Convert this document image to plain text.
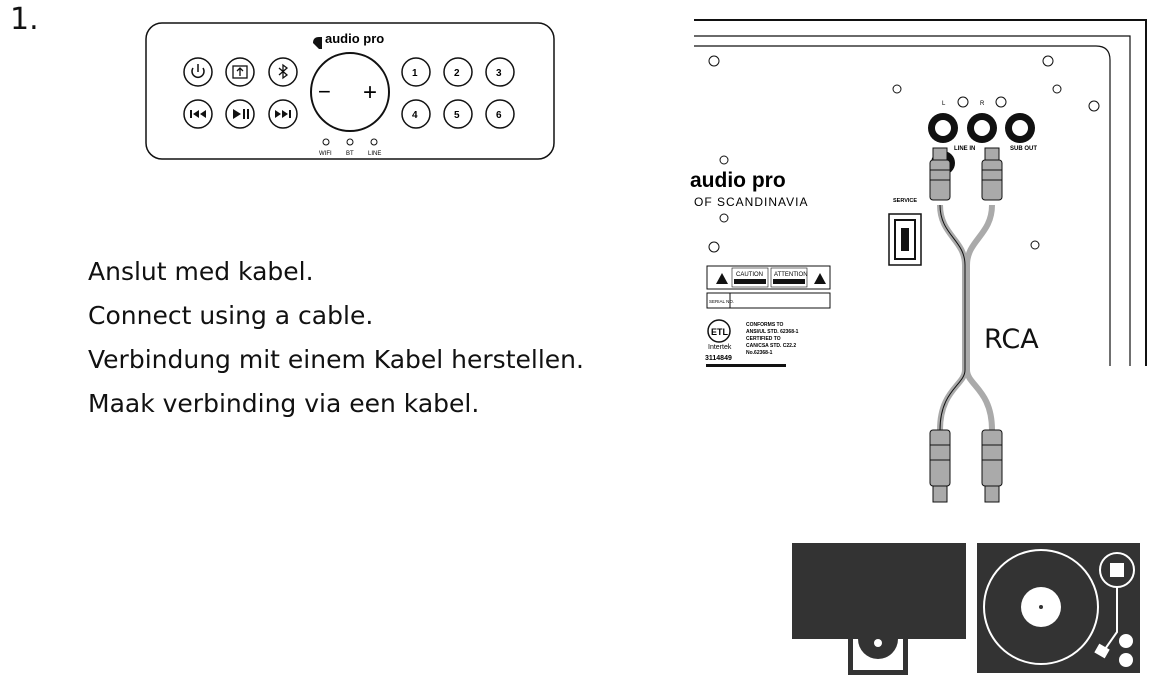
1.
Anslut med kabel.
Connect using a cable.
Verbindung mit einem Kabel herstellen.
Maak verbinding via een kabel.
audio pro
− +
WIFI BT LINE
1	2	3
4	5	6
audio pro
OF SCANDINAVIA
L	R
LINE IN	SUB OUT
SERVICE
CAUTION ATTENTION
SERIAL NO.
ETL
Intertek
3114849
CONFORMS TO
ANSI/UL STD. 62368-1
CERTIFIED TO
CAN/CSA STD. C22.2
No.62368-1	RCA
